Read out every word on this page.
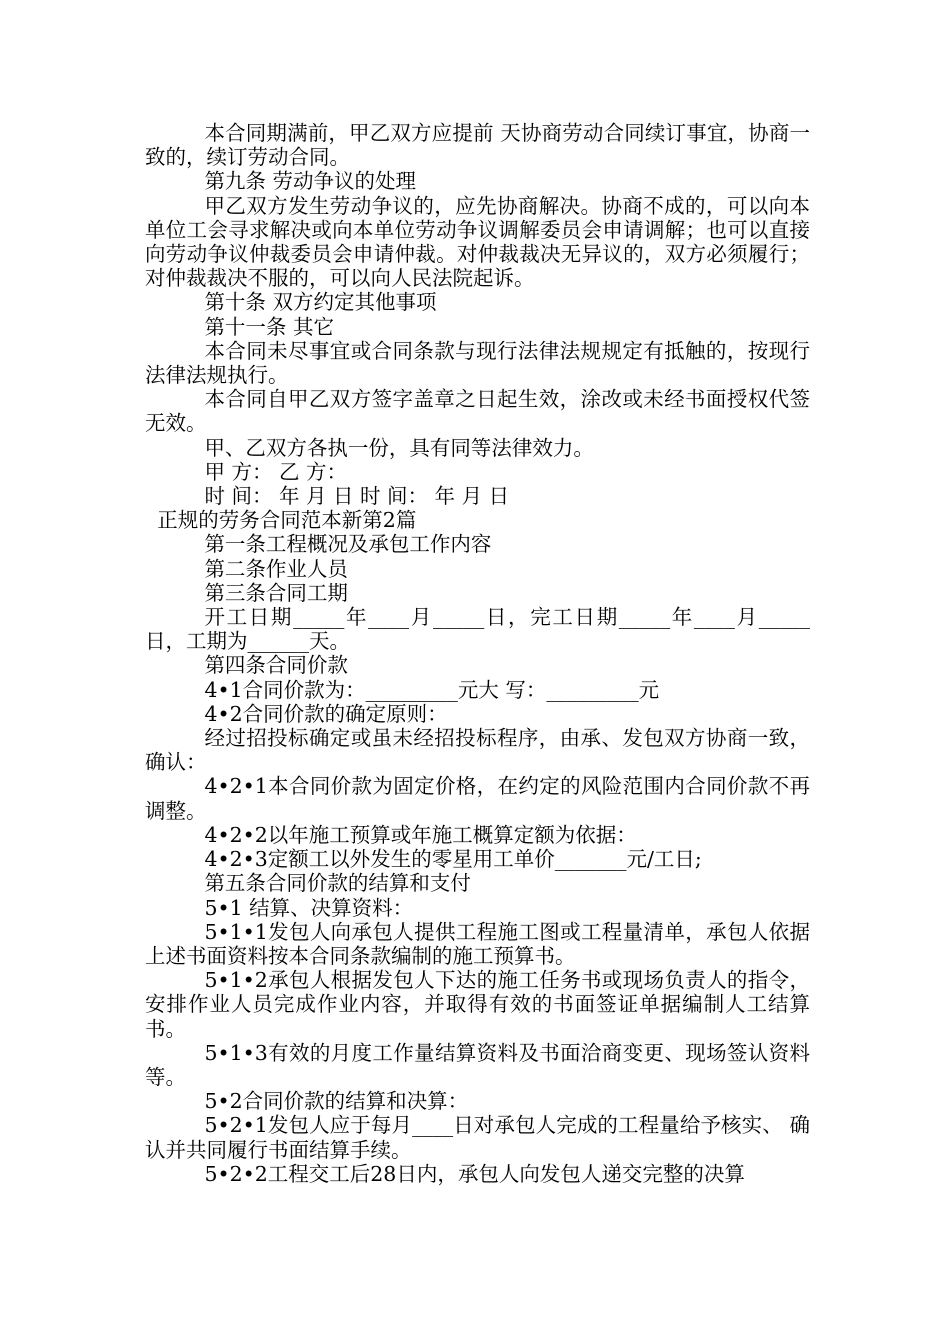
本合同期满前，甲乙双方应提前 天协商劳动合同续订事宜，协商一致的，续订劳动合同。

第九条 劳动争议的处理

甲乙双方发生劳动争议的，应先协商解决。协商不成的，可以向本单位工会寻求解决或向本单位劳动争议调解委员会申请调解；也可以直接向劳动争议仲裁委员会申请仲裁。对仲裁裁决无异议的，双方必须履行；对仲裁裁决不服的，可以向人民法院起诉。

第十条 双方约定其他事项

第十一条 其它

本合同未尽事宜或合同条款与现行法律法规规定有抵触的，按现行法律法规执行。

本合同自甲乙双方签字盖章之日起生效，涂改或未经书面授权代签无效。

甲、乙双方各执一份，具有同等法律效力。

甲 方： 乙 方：

时 间： 年 月 日 时 间： 年 月 日

正规的劳务合同范本新第2篇

第一条工程概况及承包工作内容

第二条作业人员

第三条合同工期

开工日期_____年____月_____日，完工日期_____年____月_____日，工期为______天。

第四条合同价款

4•1合同价款为：_________元大 写：_________元

4•2合同价款的确定原则：

经过招投标确定或虽未经招投标程序，由承、发包双方协商一致，确认：

4•2•1本合同价款为固定价格，在约定的风险范围内合同价款不再调整。

4•2•2以年施工预算或年施工概算定额为依据：

4•2•3定额工以外发生的零星用工单价_______元/工日;

第五条合同价款的结算和支付

5•1 结算、决算资料：

5•1•1发包人向承包人提供工程施工图或工程量清单，承包人依据上述书面资料按本合同条款编制的施工预算书。

5•1•2承包人根据发包人下达的施工任务书或现场负责人的指令，安排作业人员完成作业内容，并取得有效的书面签证单据编制人工结算书。

5•1•3有效的月度工作量结算资料及书面洽商变更、现场签认资料等。

5•2合同价款的结算和决算：

5•2•1发包人应于每月____日对承包人完成的工程量给予核实、 确认并共同履行书面结算手续。

5•2•2工程交工后28日内，承包人向发包人递交完整的决算
